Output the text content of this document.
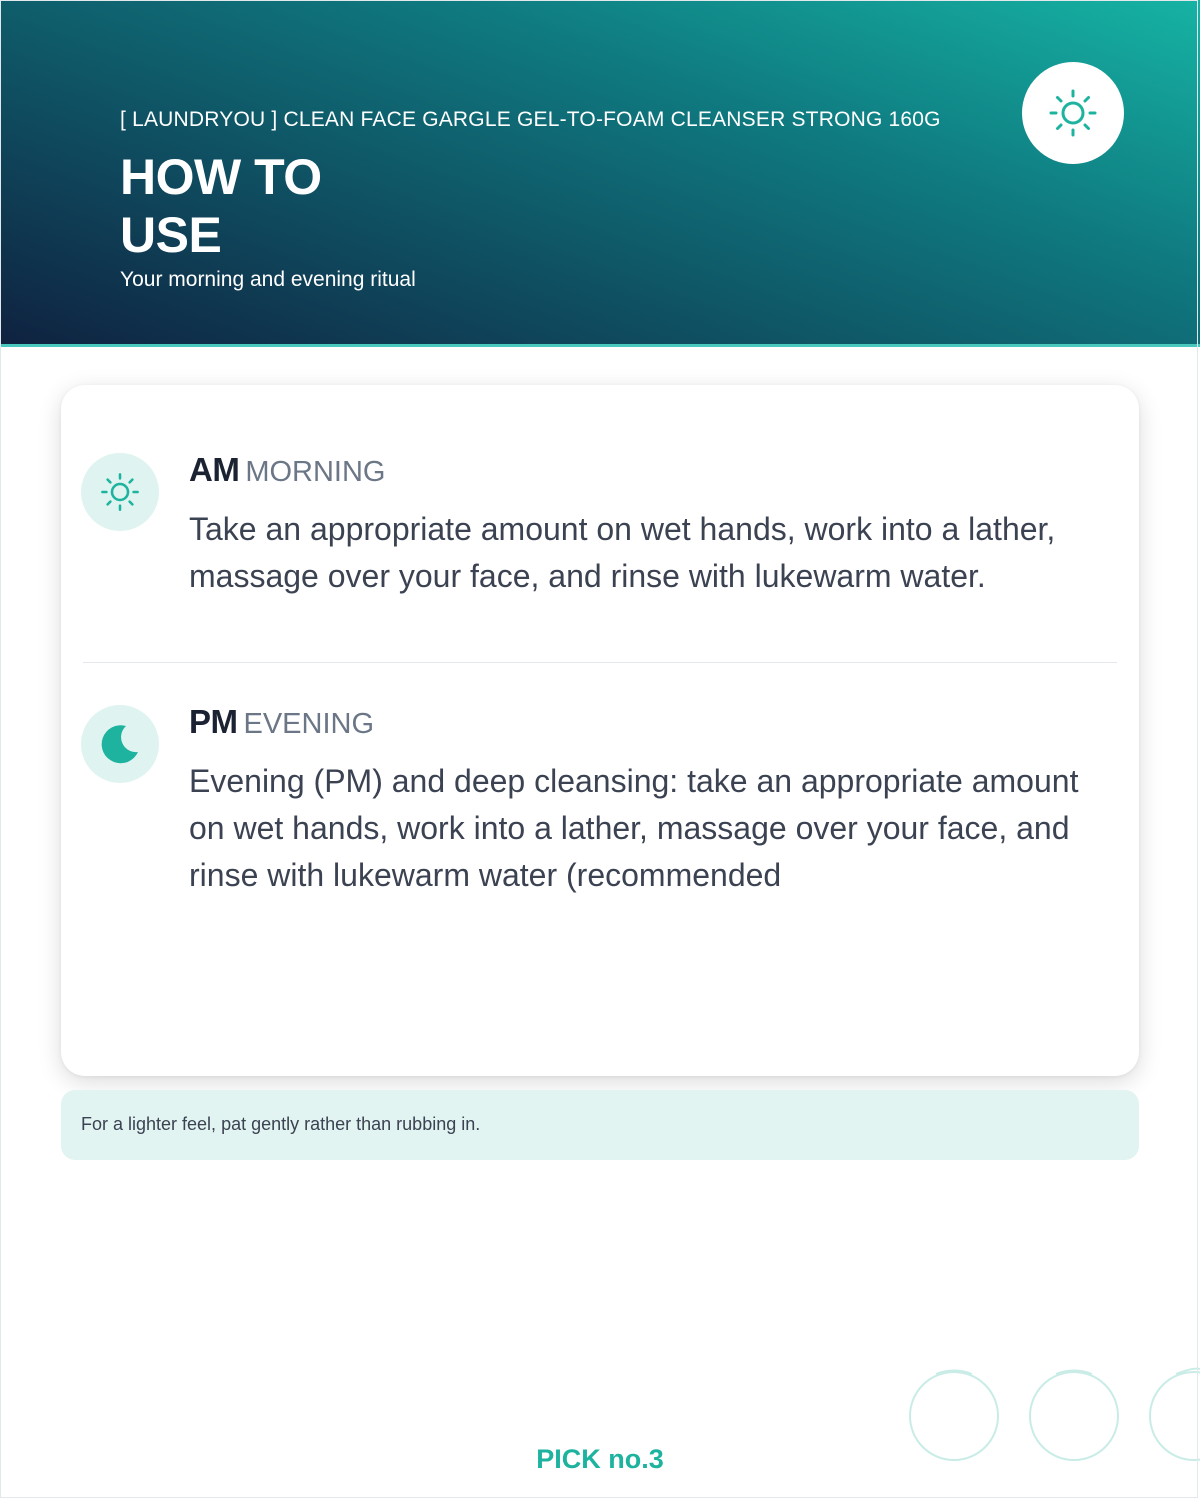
[ LAUNDRYOU ] CLEAN FACE GARGLE GEL-TO-FOAM CLEANSER STRONG 160G
HOW TO
USE
Your morning and evening ritual
AM MORNING
Take an appropriate amount on wet hands, work into a lather, massage over your face, and rinse with lukewarm water.
PM EVENING
Evening (PM) and deep cleansing: take an appropriate amount on wet hands, work into a lather, massage over your face, and rinse with lukewarm water (recommended
For a lighter feel, pat gently rather than rubbing in.
PICK no.3
